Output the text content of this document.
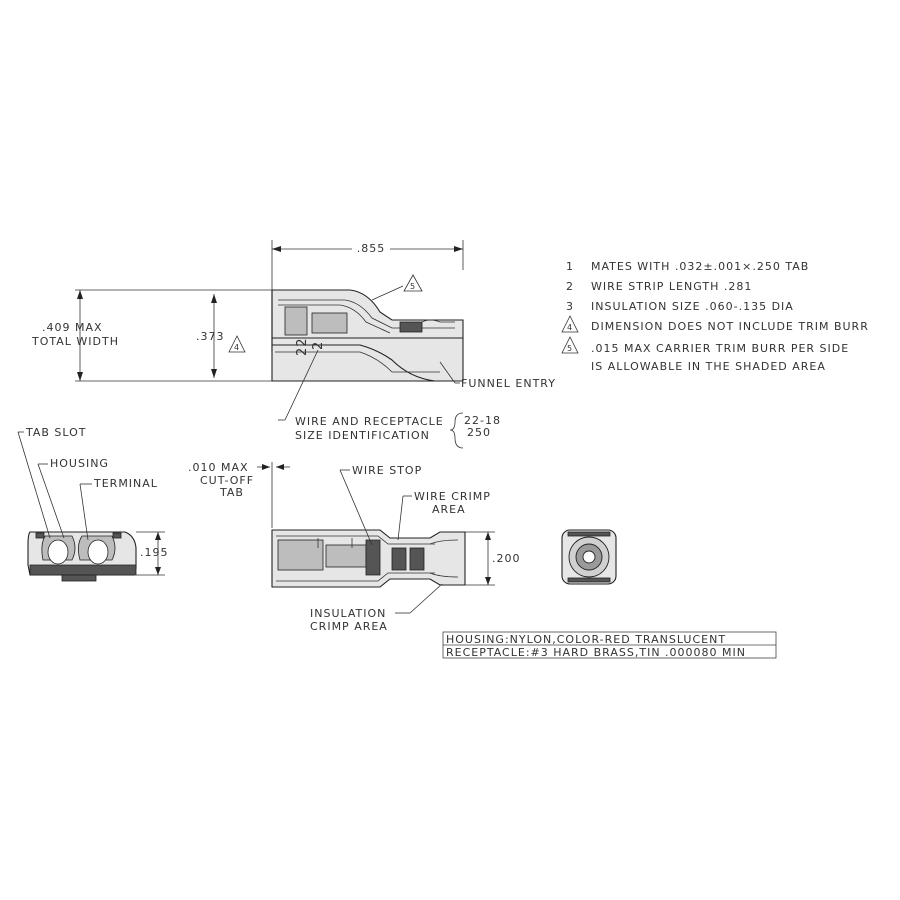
.855
22 2
.409 MAX
TOTAL WIDTH	.373
4
5
FUNNEL ENTRY
WIRE AND RECEPTACLE
SIZE IDENTIFICATION
22-18
250
1 MATES WITH .032±.001×.250 TAB
2 WIRE STRIP LENGTH .281
3 INSULATION SIZE .060-.135 DIA
4 DIMENSION DOES NOT INCLUDE TRIM BURR
5 .015 MAX CARRIER TRIM BURR PER SIDE
IS ALLOWABLE IN THE SHADED AREA
TAB SLOT
HOUSING
TERMINAL
.195
.010 MAX
CUT-OFF
TAB
.200
WIRE STOP
WIRE CRIMP
AREA
INSULATION
CRIMP AREA
HOUSING:NYLON,COLOR-RED TRANSLUCENT
RECEPTACLE:#3 HARD BRASS,TIN .000080 MIN
